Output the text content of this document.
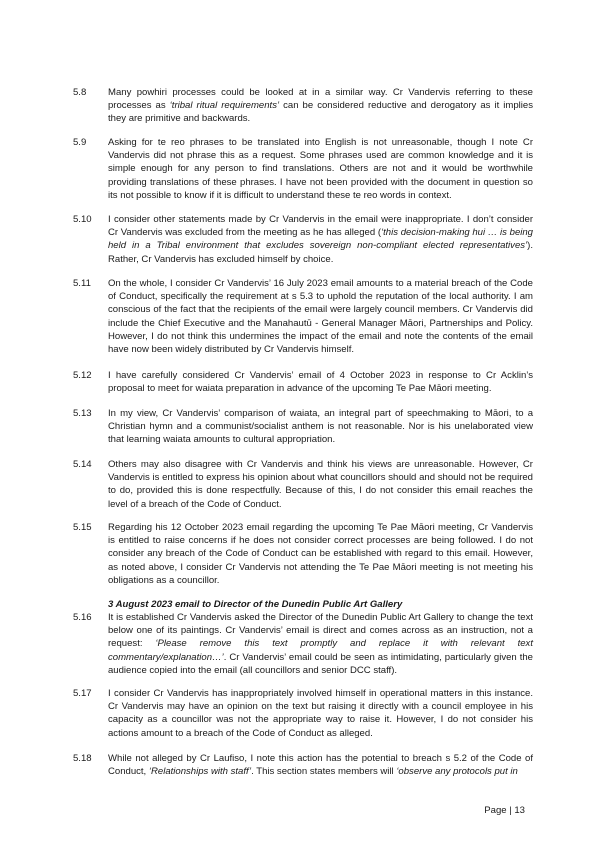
5.8	Many powhiri processes could be looked at in a similar way. Cr Vandervis referring to these processes as ‘tribal ritual requirements’ can be considered reductive and derogatory as it implies they are primitive and backwards.
5.9	Asking for te reo phrases to be translated into English is not unreasonable, though I note Cr Vandervis did not phrase this as a request. Some phrases used are common knowledge and it is simple enough for any person to find translations. Others are not and it would be worthwhile providing translations of these phrases. I have not been provided with the document in question so its not possible to know if it is difficult to understand these te reo words in context.
5.10	I consider other statements made by Cr Vandervis in the email were inappropriate. I don’t consider Cr Vandervis was excluded from the meeting as he has alleged (‘this decision-making hui … is being held in a Tribal environment that excludes sovereign non-compliant elected representatives’). Rather, Cr Vandervis has excluded himself by choice.
5.11	On the whole, I consider Cr Vandervis’ 16 July 2023 email amounts to a material breach of the Code of Conduct, specifically the requirement at s 5.3 to uphold the reputation of the local authority. I am conscious of the fact that the recipients of the email were largely council members. Cr Vandervis did include the Chief Executive and the Manahautū - General Manager Māori, Partnerships and Policy. However, I do not think this undermines the impact of the email and note the contents of the email have now been widely distributed by Cr Vandervis himself.
5.12	I have carefully considered Cr Vandervis’ email of 4 October 2023 in response to Cr Acklin’s proposal to meet for waiata preparation in advance of the upcoming Te Pae Māori meeting.
5.13	In my view, Cr Vandervis’ comparison of waiata, an integral part of speechmaking to Māori, to a Christian hymn and a communist/socialist anthem is not reasonable. Nor is his unelaborated view that learning waiata amounts to cultural appropriation.
5.14	Others may also disagree with Cr Vandervis and think his views are unreasonable. However, Cr Vandervis is entitled to express his opinion about what councillors should and should not be required to do, provided this is done respectfully. Because of this, I do not consider this email reaches the level of a breach of the Code of Conduct.
5.15	Regarding his 12 October 2023 email regarding the upcoming Te Pae Māori meeting, Cr Vandervis is entitled to raise concerns if he does not consider correct processes are being followed. I do not consider any breach of the Code of Conduct can be established with regard to this email. However, as noted above, I consider Cr Vandervis not attending the Te Pae Māori meeting is not meeting his obligations as a councillor.
3 August 2023 email to Director of the Dunedin Public Art Gallery
5.16	It is established Cr Vandervis asked the Director of the Dunedin Public Art Gallery to change the text below one of its paintings. Cr Vandervis’ email is direct and comes across as an instruction, not a request: ‘Please remove this text promptly and replace it with relevant text commentary/explanation…’. Cr Vandervis’ email could be seen as intimidating, particularly given the audience copied into the email (all councillors and senior DCC staff).
5.17	I consider Cr Vandervis has inappropriately involved himself in operational matters in this instance. Cr Vandervis may have an opinion on the text but raising it directly with a council employee in his capacity as a councillor was not the appropriate way to raise it. However, I do not consider his actions amount to a breach of the Code of Conduct as alleged.
5.18	While not alleged by Cr Laufiso, I note this action has the potential to breach s 5.2 of the Code of Conduct, ‘Relationships with staff’. This section states members will ‘observe any protocols put in
Page | 13
